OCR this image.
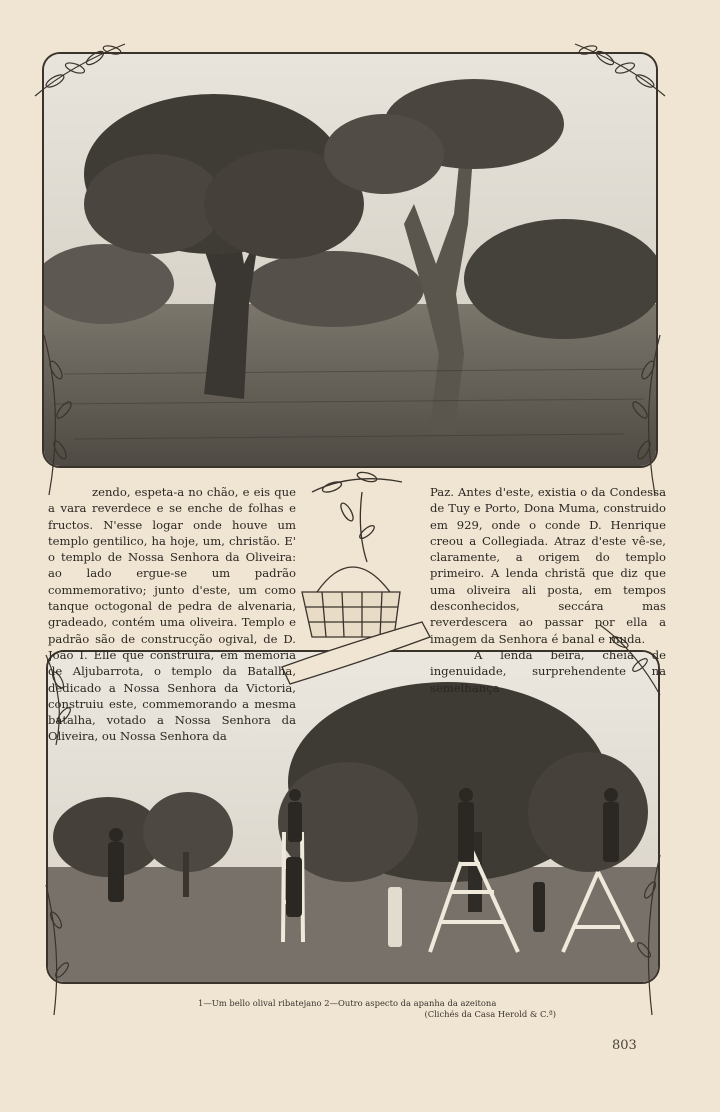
zendo, espeta-a no chão, e eis que a vara reverdece e se enche de folhas e fructos. N'esse logar onde houve um templo gentilico, ha hoje, um, christão. E' o templo de Nossa Senhora da Oliveira: ao lado ergue-se um padrão commemorativo; junto d'este, um como tanque octogonal de pedra de alvenaria, gradeado, contém uma oliveira. Templo e padrão são de construcção ogival, de D. João I. Elle que construira, em memoria de Aljubarrota, o templo da Batalha, dedicado a Nossa Senhora da Victoria, construiu este, commemorando a mesma batalha, votado a Nossa Senhora da Oliveira, ou Nossa Senhora da

Paz. Antes d'este, existia o da Condessa de Tuy e Porto, Dona Muma, construido em 929, onde o conde D. Henrique creou a Collegiada. Atraz d'este vê-se, claramente, a origem do templo primeiro. A lenda christã que diz que uma oliveira ali posta, em tempos desconhecidos, seccára mas reverdescera ao passar por ella a imagem da Senhora é banal e muda.

A lenda beirã, cheia de ingenuidade, surprehendente na semelhança

1—Um bello olival ribatejano 2—Outro aspecto da apanha da azeitona
(Clichés da Casa Herold & C.ª)
803
